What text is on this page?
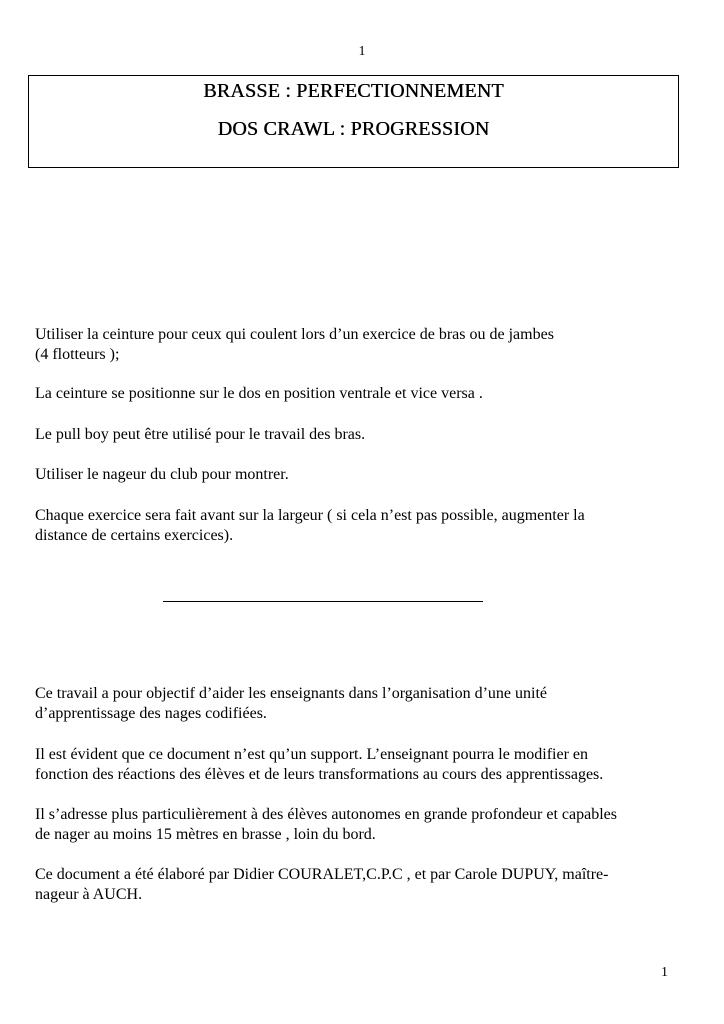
1
BRASSE : PERFECTIONNEMENT
DOS CRAWL : PROGRESSION

Utiliser la ceinture pour ceux qui coulent lors d’un exercice de bras ou de jambes
(4 flotteurs );

La ceinture se positionne sur le dos en position ventrale et vice versa .

Le pull boy peut être utilisé pour le travail des bras.

Utiliser le nageur du club pour montrer.

Chaque exercice sera fait avant sur la largeur ( si cela n’est pas possible, augmenter la
distance de certains exercices).

Ce travail a pour objectif d’aider les enseignants dans l’organisation d’une unité
d’apprentissage des nages codifiées.

Il est évident que ce document n’est qu’un support. L’enseignant pourra le modifier en
fonction des réactions des élèves et de leurs transformations au cours des apprentissages.

Il s’adresse plus particulièrement à des élèves autonomes en grande profondeur et capables
de nager au moins 15 mètres en brasse , loin du bord.

Ce document a été élaboré par Didier COURALET,C.P.C , et par Carole DUPUY, maître-
nageur à AUCH.

1
